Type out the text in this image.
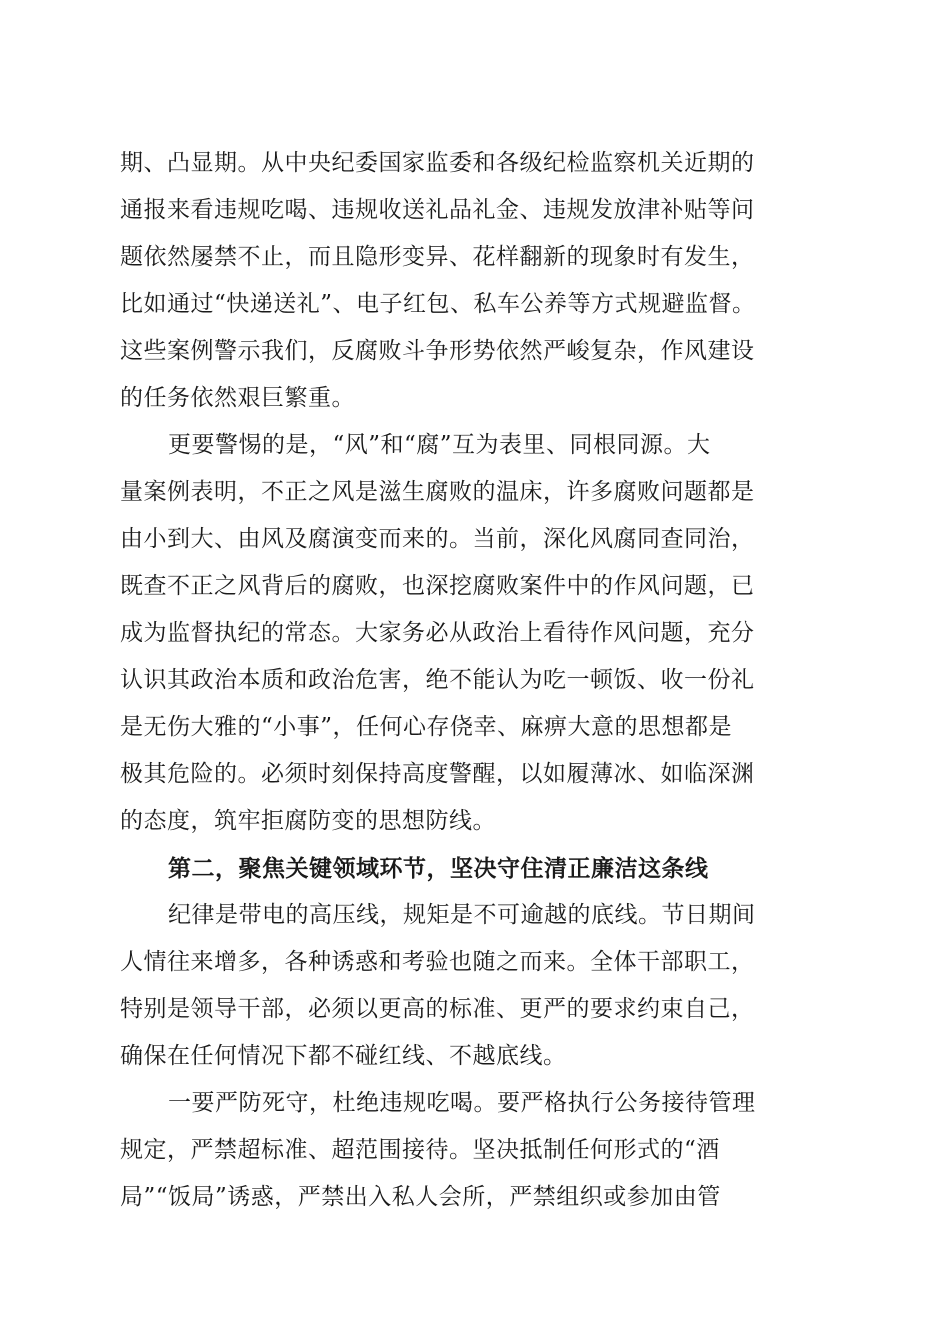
期、凸显期。从中央纪委国家监委和各级纪检监察机关近期的
通报来看违规吃喝、违规收送礼品礼金、违规发放津补贴等问
题依然屡禁不止，而且隐形变异、花样翻新的现象时有发生，
比如通过“快递送礼”、电子红包、私车公养等方式规避监督。
这些案例警示我们，反腐败斗争形势依然严峻复杂，作风建设
的任务依然艰巨繁重。
更要警惕的是，“风”和“腐”互为表里、同根同源。大
量案例表明，不正之风是滋生腐败的温床，许多腐败问题都是
由小到大、由风及腐演变而来的。当前，深化风腐同查同治，
既查不正之风背后的腐败，也深挖腐败案件中的作风问题，已
成为监督执纪的常态。大家务必从政治上看待作风问题，充分
认识其政治本质和政治危害，绝不能认为吃一顿饭、收一份礼
是无伤大雅的“小事”，任何心存侥幸、麻痹大意的思想都是
极其危险的。必须时刻保持高度警醒，以如履薄冰、如临深渊
的态度，筑牢拒腐防变的思想防线。
第二，聚焦关键领域环节，坚决守住清正廉洁这条线
纪律是带电的高压线，规矩是不可逾越的底线。节日期间
人情往来增多，各种诱惑和考验也随之而来。全体干部职工，
特别是领导干部，必须以更高的标准、更严的要求约束自己，
确保在任何情况下都不碰红线、不越底线。
一要严防死守，杜绝违规吃喝。要严格执行公务接待管理
规定，严禁超标准、超范围接待。坚决抵制任何形式的“酒
局”“饭局”诱惑，严禁出入私人会所，严禁组织或参加由管
